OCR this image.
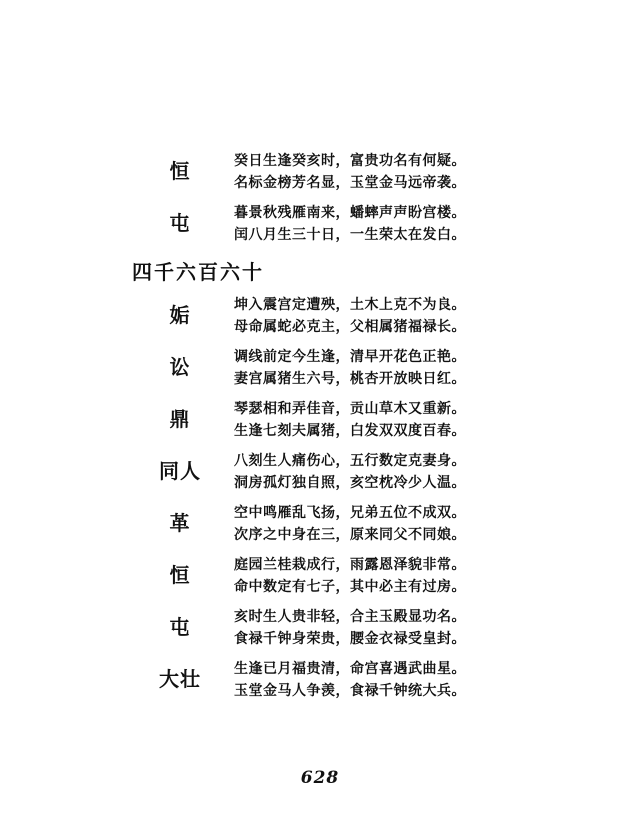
恒	癸日生逢癸亥时，富贵功名有何疑。
名标金榜芳名显，玉堂金马远帝袭。
屯	暮景秋残雁南来，蟠蟀声声盼宫楼。
闰八月生三十日，一生荣太在发白。
四千六百六十
姤	坤入震宫定遭殃，土木上克不为良。
母命属蛇必克主，父相属猪福禄长。
讼	调线前定今生逢，清早开花色正艳。
妻宫属猪生六号，桃杏开放映日红。
鼎	琴瑟相和弄佳音，贡山草木又重新。
生逢七刻夫属猪，白发双双度百春。
同人	八刻生人痛伤心，五行数定克妻身。
洞房孤灯独自照，亥空枕冷少人温。
革	空中鸣雁乱飞扬，兄弟五位不成双。
次序之中身在三，原来同父不同娘。
恒	庭园兰桂栽成行，雨露恩泽貌非常。
命中数定有七子，其中必主有过房。
屯	亥时生人贵非轻，合主玉殿显功名。
食禄千钟身荣贵，腰金衣禄受皇封。
大壮	生逢已月福贵清，命宫喜遇武曲星。
玉堂金马人争羡，食禄千钟统大兵。
628
